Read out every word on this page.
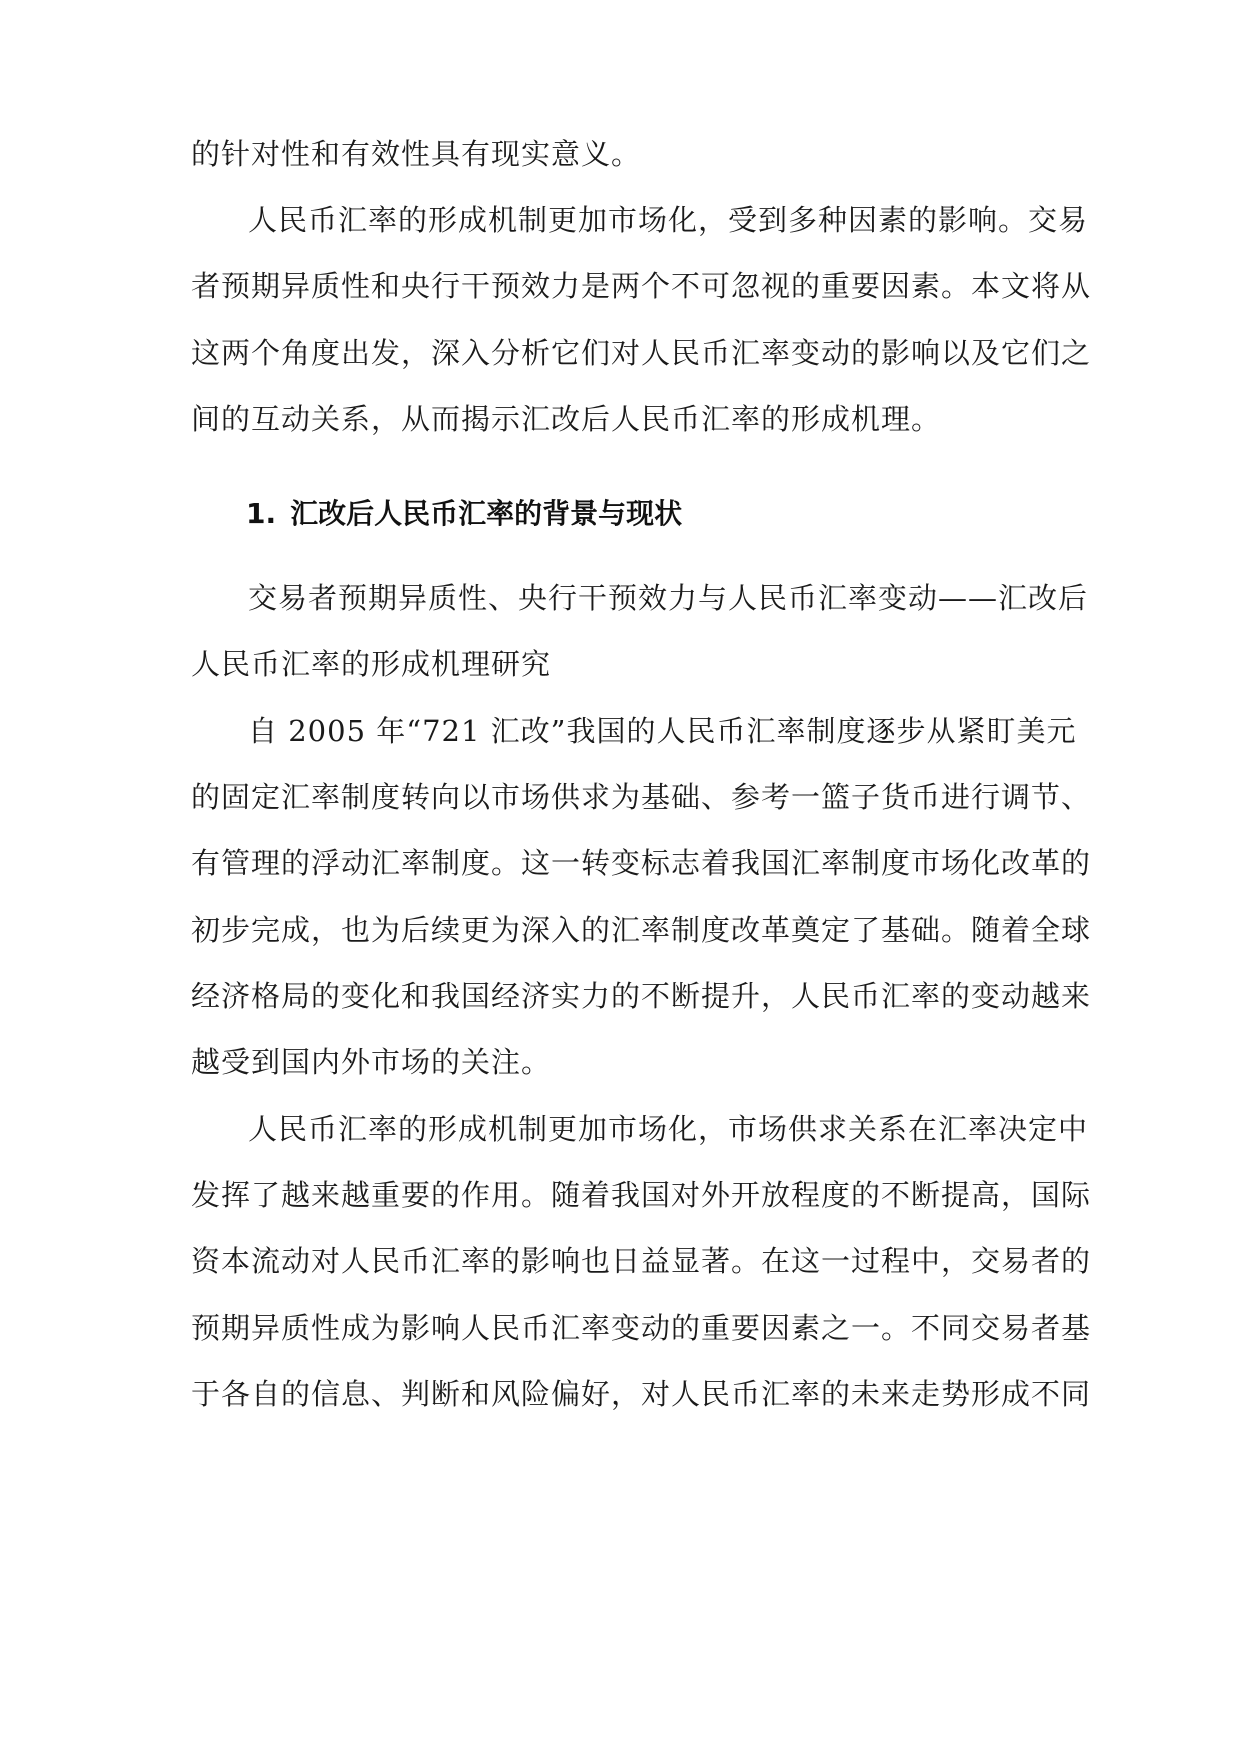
的针对性和有效性具有现实意义。
人民币汇率的形成机制更加市场化，受到多种因素的影响。交易
者预期异质性和央行干预效力是两个不可忽视的重要因素。本文将从
这两个角度出发，深入分析它们对人民币汇率变动的影响以及它们之
间的互动关系，从而揭示汇改后人民币汇率的形成机理。
1. 汇改后人民币汇率的背景与现状
交易者预期异质性、央行干预效力与人民币汇率变动——汇改后
人民币汇率的形成机理研究
自 2005 年“721 汇改”我国的人民币汇率制度逐步从紧盯美元
的固定汇率制度转向以市场供求为基础、参考一篮子货币进行调节、
有管理的浮动汇率制度。这一转变标志着我国汇率制度市场化改革的
初步完成，也为后续更为深入的汇率制度改革奠定了基础。随着全球
经济格局的变化和我国经济实力的不断提升，人民币汇率的变动越来
越受到国内外市场的关注。
人民币汇率的形成机制更加市场化，市场供求关系在汇率决定中
发挥了越来越重要的作用。随着我国对外开放程度的不断提高，国际
资本流动对人民币汇率的影响也日益显著。在这一过程中，交易者的
预期异质性成为影响人民币汇率变动的重要因素之一。不同交易者基
于各自的信息、判断和风险偏好，对人民币汇率的未来走势形成不同
